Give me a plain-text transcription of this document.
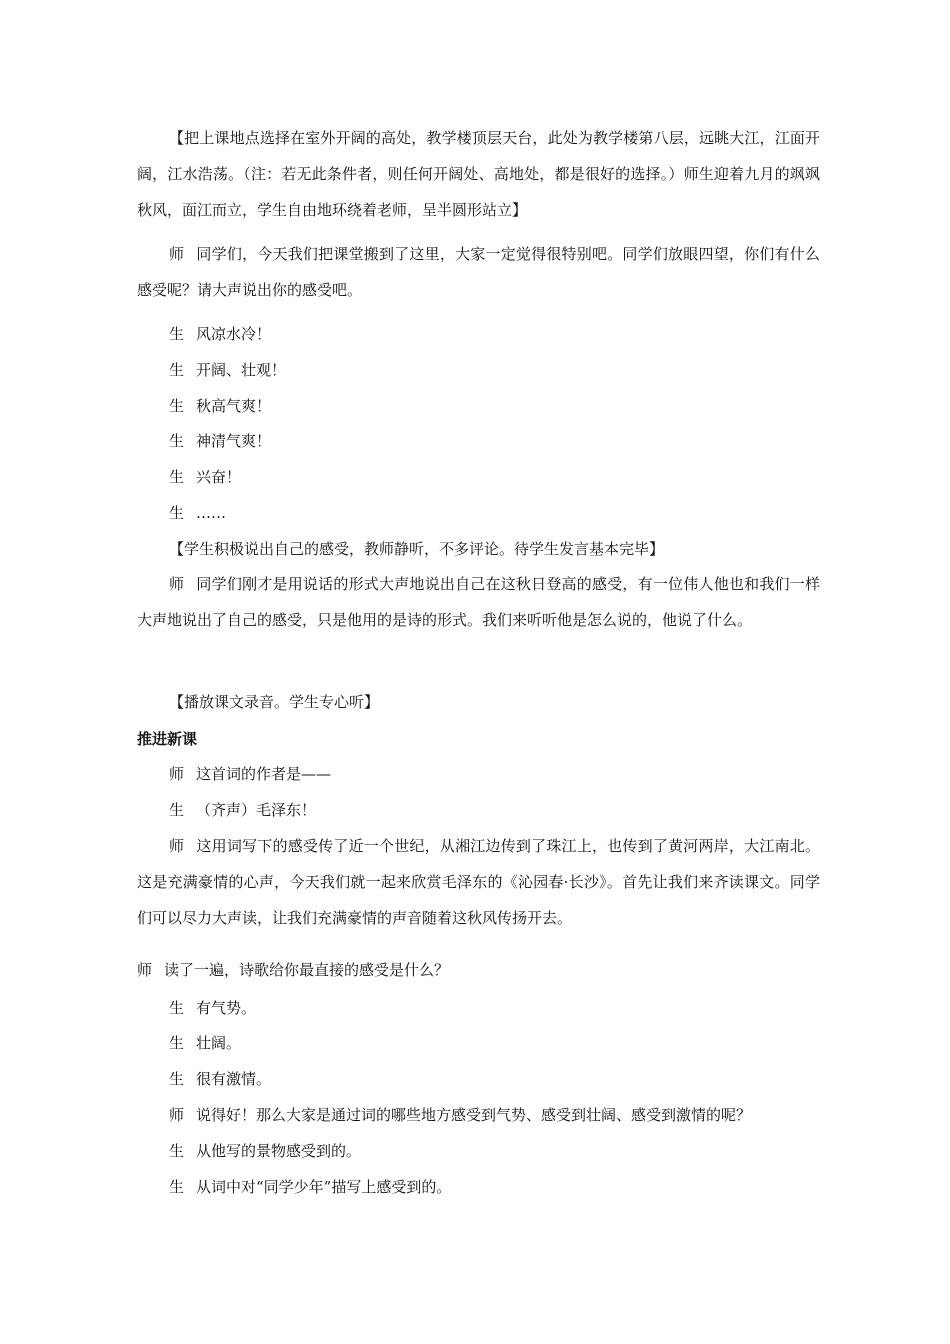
【把上课地点选择在室外开阔的高处，教学楼顶层天台，此处为教学楼第八层，远眺大江，江面开阔，江水浩荡。（注：若无此条件者，则任何开阔处、高地处，都是很好的选择。）师生迎着九月的飒飒秋风，面江而立，学生自由地环绕着老师，呈半圆形站立】
师 同学们，今天我们把课堂搬到了这里，大家一定觉得很特别吧。同学们放眼四望，你们有什么感受呢？请大声说出你的感受吧。
生 风凉水冷！
生 开阔、壮观！
生 秋高气爽！
生 神清气爽！
生 兴奋！
生 ……
【学生积极说出自己的感受，教师静听，不多评论。待学生发言基本完毕】
师 同学们刚才是用说话的形式大声地说出自己在这秋日登高的感受，有一位伟人他也和我们一样大声地说出了自己的感受，只是他用的是诗的形式。我们来听听他是怎么说的，他说了什么。
【播放课文录音。学生专心听】
推进新课
师 这首词的作者是——
生 （齐声）毛泽东！
师 这用词写下的感受传了近一个世纪，从湘江边传到了珠江上，也传到了黄河两岸，大江南北。这是充满豪情的心声，今天我们就一起来欣赏毛泽东的《沁园春·长沙》。首先让我们来齐读课文。同学们可以尽力大声读，让我们充满豪情的声音随着这秋风传扬开去。
师 读了一遍，诗歌给你最直接的感受是什么？
生 有气势。
生 壮阔。
生 很有激情。
师 说得好！那么大家是通过词的哪些地方感受到气势、感受到壮阔、感受到激情的呢？
生 从他写的景物感受到的。
生 从词中对“同学少年”描写上感受到的。
